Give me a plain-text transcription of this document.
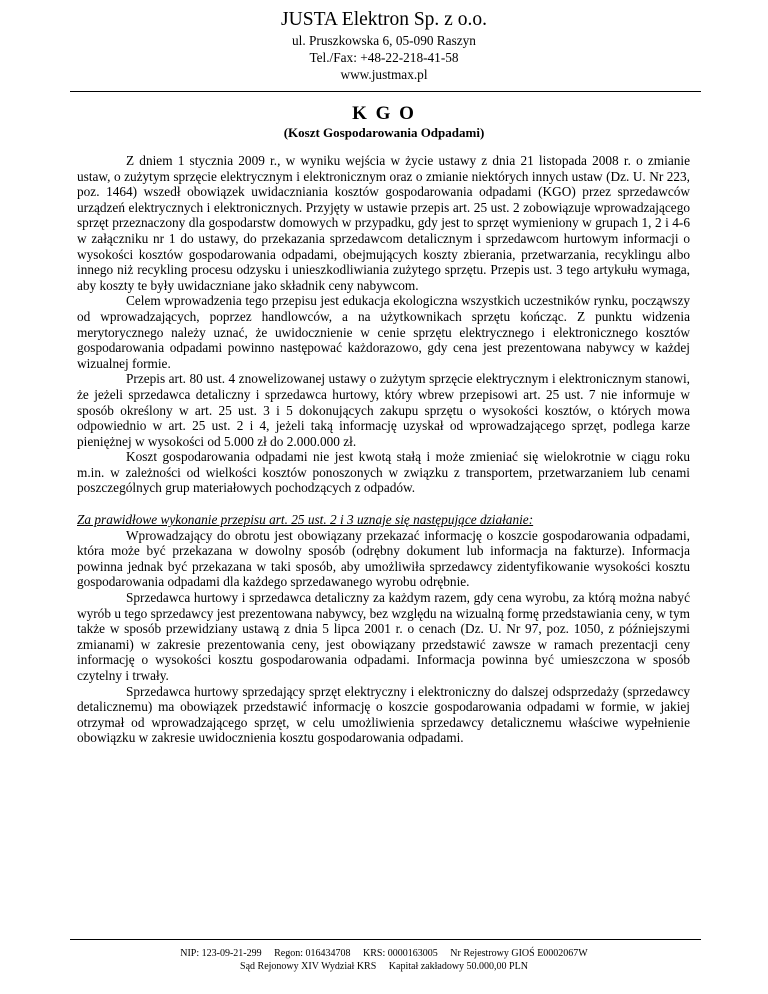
JUSTA Elektron Sp. z o.o.
ul. Pruszkowska 6, 05-090 Raszyn
Tel./Fax: +48-22-218-41-58
www.justmax.pl
K G O
(Koszt Gospodarowania Odpadami)

Z dniem 1 stycznia 2009 r., w wyniku wejścia w życie ustawy z dnia 21 listopada 2008 r. o zmianie ustaw, o zużytym sprzęcie elektrycznym i elektronicznym oraz o zmianie niektórych innych ustaw (Dz. U. Nr 223, poz. 1464) wszedł obowiązek uwidaczniania kosztów gospodarowania odpadami (KGO) przez sprzedawców urządzeń elektrycznych i elektronicznych. Przyjęty w ustawie przepis art. 25 ust. 2 zobowiązuje wprowadzającego sprzęt przeznaczony dla gospodarstw domowych w przypadku, gdy jest to sprzęt wymieniony w grupach 1, 2 i 4-6 w załączniku nr 1 do ustawy, do przekazania sprzedawcom detalicznym i sprzedawcom hurtowym informacji o wysokości kosztów gospodarowania odpadami, obejmujących koszty zbierania, przetwarzania, recyklingu albo innego niż recykling procesu odzysku i unieszkodliwiania zużytego sprzętu. Przepis ust. 3 tego artykułu wymaga, aby koszty te były uwidaczniane jako składnik ceny nabywcom.

Celem wprowadzenia tego przepisu jest edukacja ekologiczna wszystkich uczestników rynku, począwszy od wprowadzających, poprzez handlowców, a na użytkownikach sprzętu kończąc. Z punktu widzenia merytorycznego należy uznać, że uwidocznienie w cenie sprzętu elektrycznego i elektronicznego kosztów gospodarowania odpadami powinno następować każdorazowo, gdy cena jest prezentowana nabywcy w każdej wizualnej formie.

Przepis art. 80 ust. 4 znowelizowanej ustawy o zużytym sprzęcie elektrycznym i elektronicznym stanowi, że jeżeli sprzedawca detaliczny i sprzedawca hurtowy, który wbrew przepisowi art. 25 ust. 7 nie informuje w sposób określony w art. 25 ust. 3 i 5 dokonujących zakupu sprzętu o wysokości kosztów, o których mowa odpowiednio w art. 25 ust. 2 i 4, jeżeli taką informację uzyskał od wprowadzającego sprzęt, podlega karze pieniężnej w wysokości od 5.000 zł do 2.000.000 zł.

Koszt gospodarowania odpadami nie jest kwotą stałą i może zmieniać się wielokrotnie w ciągu roku m.in. w zależności od wielkości kosztów ponoszonych w związku z transportem, przetwarzaniem lub cenami poszczególnych grup materiałowych pochodzących z odpadów.

Za prawidłowe wykonanie przepisu art. 25 ust. 2 i 3 uznaje się następujące działanie:

Wprowadzający do obrotu jest obowiązany przekazać informację o koszcie gospodarowania odpadami, która może być przekazana w dowolny sposób (odrębny dokument lub informacja na fakturze). Informacja powinna jednak być przekazana w taki sposób, aby umożliwiła sprzedawcy zidentyfikowanie wysokości kosztu gospodarowania odpadami dla każdego sprzedawanego wyrobu odrębnie.

Sprzedawca hurtowy i sprzedawca detaliczny za każdym razem, gdy cena wyrobu, za którą można nabyć wyrób u tego sprzedawcy jest prezentowana nabywcy, bez względu na wizualną formę przedstawiania ceny, w tym także w sposób przewidziany ustawą z dnia 5 lipca 2001 r. o cenach (Dz. U. Nr 97, poz. 1050, z późniejszymi zmianami) w zakresie prezentowania ceny, jest obowiązany przedstawić zawsze w ramach prezentacji ceny informację o wysokości kosztu gospodarowania odpadami. Informacja powinna być umieszczona w sposób czytelny i trwały.

Sprzedawca hurtowy sprzedający sprzęt elektryczny i elektroniczny do dalszej odsprzedaży (sprzedawcy detalicznemu) ma obowiązek przedstawić informację o koszcie gospodarowania odpadami w formie, w jakiej otrzymał od wprowadzającego sprzęt, w celu umożliwienia sprzedawcy detalicznemu właściwe wypełnienie obowiązku w zakresie uwidocznienia kosztu gospodarowania odpadami.

NIP: 123-09-21-299 Regon: 016434708 KRS: 0000163005 Nr Rejestrowy GIOŚ E0002067W
Sąd Rejonowy XIV Wydział KRS Kapitał zakładowy 50.000,00 PLN
